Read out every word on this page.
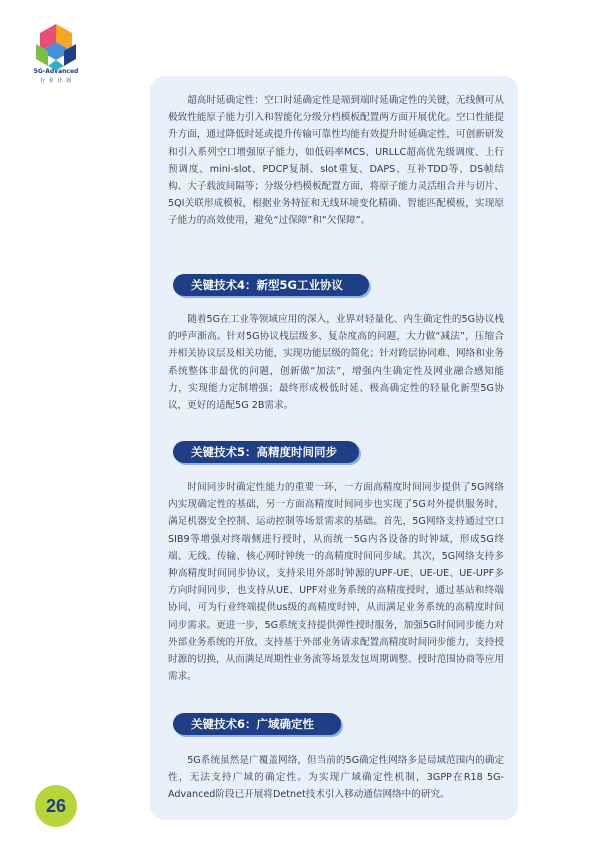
5G-Advanced
行 业 计 划

超高时延确定性：空口时延确定性是端到端时延确定性的关键，无线侧可从极致性能原子能力引入和智能化分级分档模板配置两方面开展优化。空口性能提升方面，通过降低时延或提升传输可靠性均能有效提升时延确定性，可创新研发和引入系列空口增强原子能力，如低码率MCS、URLLC超高优先级调度、上行预调度、mini-slot、PDCP复制、slot重复、DAPS、互补TDD等、DS帧结构、大子载波间隔等；分级分档模板配置方面，将原子能力灵活组合并与切片、5QI关联形成模板，根据业务特征和无线环境变化精确、智能匹配模板，实现原子能力的高效使用，避免“过保障”和“欠保障”。

关键技术4：新型5G工业协议

随着5G在工业等领域应用的深入，业界对轻量化、内生确定性的5G协议栈的呼声渐高。针对5G协议栈层级多、复杂度高的问题，大力做“减法”，压缩合并相关协议层及相关功能，实现功能层级的简化；针对跨层协同难、网络和业务系统整体非最优的问题，创新做“加法”，增强内生确定性及网业融合感知能力，实现能力定制增强；最终形成极低时延、极高确定性的轻量化新型5G协议，更好的适配5G 2B需求。

关键技术5：高精度时间同步

时间同步时确定性能力的重要一环，一方面高精度时间同步提供了5G网络内实现确定性的基础，另一方面高精度时间同步也实现了5G对外提供服务时，满足机器安全控制、运动控制等场景需求的基础。首先，5G网络支持通过空口SIB9等增强对终端侧进行授时，从而统一5G内各设备的时钟域，形成5G终端、无线、传输、核心网时钟统一的高精度时间同步域。其次，5G网络支持多种高精度时间同步协议，支持采用外部时钟源的UPF-UE、UE-UE、UE-UPF多方向时间同步，也支持从UE、UPF对业务系统的高精度授时，通过基站和终端协同，可为行业终端提供us级的高精度时钟，从而满足业务系统的高精度时间同步需求。更进一步，5G系统支持提供弹性授时服务，加强5G时间同步能力对外部业务系统的开放，支持基于外部业务请求配置高精度时间同步能力，支持授时源的切换，从而满足周期性业务流等场景发包周期调整、授时范围协商等应用需求。

关键技术6：广域确定性

5G系统虽然是广覆盖网络，但当前的5G确定性网络多是局域范围内的确定性，无法支持广域的确定性。为实现广域确定性机制，3GPP在R18 5G-Advanced阶段已开展将Detnet技术引入移动通信网络中的研究。

26
